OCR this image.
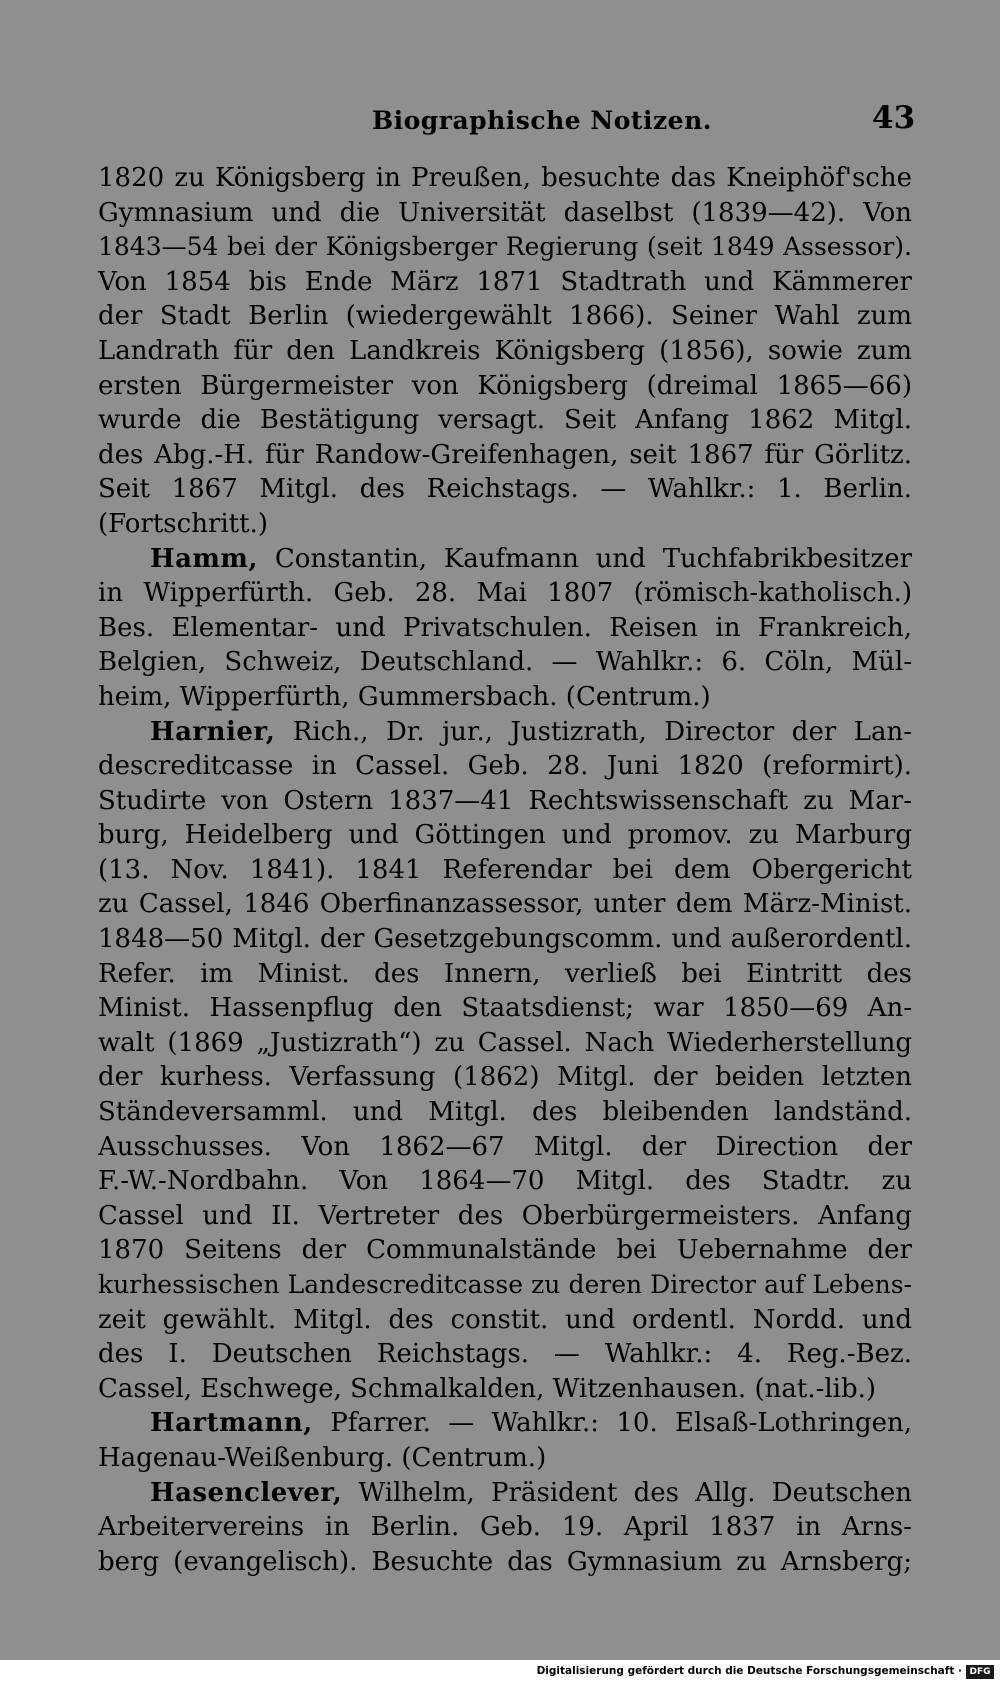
Biographische Notizen.	43
1820 zu Königsberg in Preußen, besuchte das Kneiphöf'sche
Gymnasium und die Universität daselbst (1839—42). Von
1843—54 bei der Königsberger Regierung (seit 1849 Assessor).
Von 1854 bis Ende März 1871 Stadtrath und Kämmerer
der Stadt Berlin (wiedergewählt 1866). Seiner Wahl zum
Landrath für den Landkreis Königsberg (1856), sowie zum
ersten Bürgermeister von Königsberg (dreimal 1865—66)
wurde die Bestätigung versagt. Seit Anfang 1862 Mitgl.
des Abg.-H. für Randow-Greifenhagen, seit 1867 für Görlitz.
Seit 1867 Mitgl. des Reichstags. — Wahlkr.: 1. Berlin.
(Fortschritt.)
Hamm, Constantin, Kaufmann und Tuchfabrikbesitzer
in Wipperfürth. Geb. 28. Mai 1807 (römisch-katholisch.)
Bes. Elementar- und Privatschulen. Reisen in Frankreich,
Belgien, Schweiz, Deutschland. — Wahlkr.: 6. Cöln, Mül-
heim, Wipperfürth, Gummersbach. (Centrum.)
Harnier, Rich., Dr. jur., Justizrath, Director der Lan-
descreditcasse in Cassel. Geb. 28. Juni 1820 (reformirt).
Studirte von Ostern 1837—41 Rechtswissenschaft zu Mar-
burg, Heidelberg und Göttingen und promov. zu Marburg
(13. Nov. 1841). 1841 Referendar bei dem Obergericht
zu Cassel, 1846 Oberfinanzassessor, unter dem März-Minist.
1848—50 Mitgl. der Gesetzgebungscomm. und außerordentl.
Refer. im Minist. des Innern, verließ bei Eintritt des
Minist. Hassenpflug den Staatsdienst; war 1850—69 An-
walt (1869 „Justizrath“) zu Cassel. Nach Wiederherstellung
der kurhess. Verfassung (1862) Mitgl. der beiden letzten
Ständeversamml. und Mitgl. des bleibenden landständ.
Ausschusses. Von 1862—67 Mitgl. der Direction der
F.-W.-Nordbahn. Von 1864—70 Mitgl. des Stadtr. zu
Cassel und II. Vertreter des Oberbürgermeisters. Anfang
1870 Seitens der Communalstände bei Uebernahme der
kurhessischen Landescreditcasse zu deren Director auf Lebens-
zeit gewählt. Mitgl. des constit. und ordentl. Nordd. und
des I. Deutschen Reichstags. — Wahlkr.: 4. Reg.-Bez.
Cassel, Eschwege, Schmalkalden, Witzenhausen. (nat.-lib.)
Hartmann, Pfarrer. — Wahlkr.: 10. Elsaß-Lothringen,
Hagenau-Weißenburg. (Centrum.)
Hasenclever, Wilhelm, Präsident des Allg. Deutschen
Arbeitervereins in Berlin. Geb. 19. April 1837 in Arns-
berg (evangelisch). Besuchte das Gymnasium zu Arnsberg;
Digitalisierung gefördert durch die Deutsche Forschungsgemeinschaft · DFG
